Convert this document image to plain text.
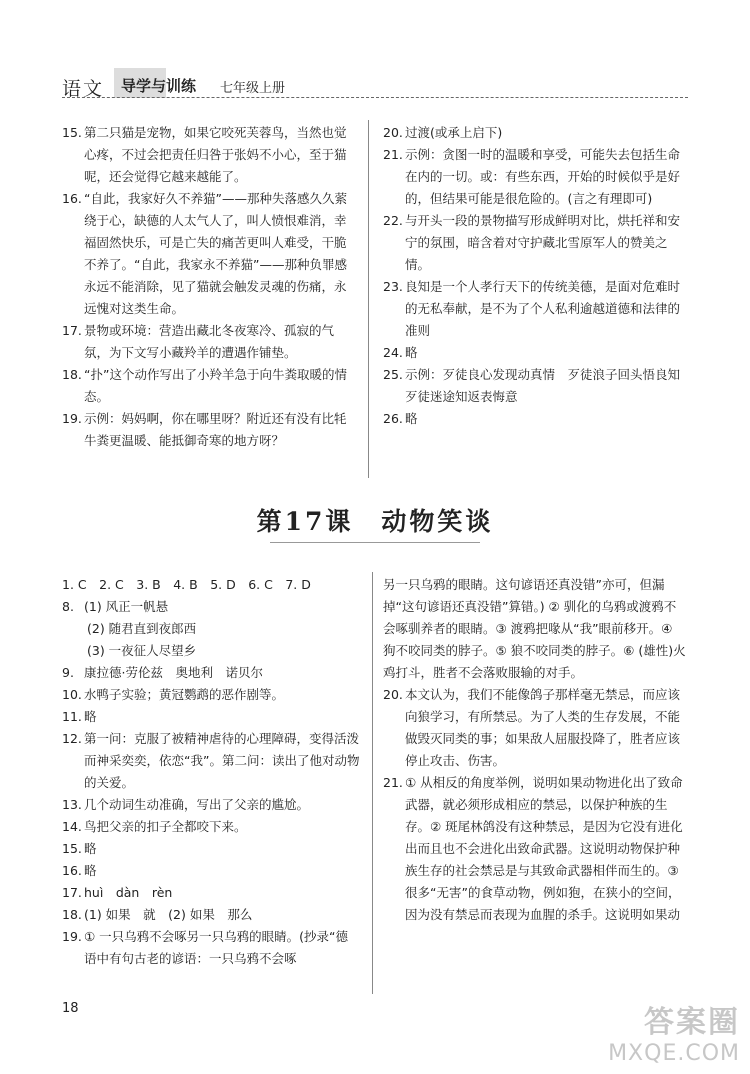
语文 导学与训练 七年级上册
15. 第二只猫是宠物，如果它咬死芙蓉鸟，当然也觉心疼，不过会把责任归咎于张妈不小心，至于猫呢，还会觉得它越来越能了。
16. “自此，我家好久不养猫”——那种失落感久久萦绕于心，缺德的人太气人了，叫人愤恨难消，幸福固然快乐，可是亡失的痛苦更叫人难受，干脆不养了。“自此，我家永不养猫”——那种负罪感永远不能消除，见了猫就会触发灵魂的伤痛，永远愧对这类生命。
17. 景物或环境：营造出藏北冬夜寒冷、孤寂的气氛，为下文写小藏羚羊的遭遇作铺垫。
18. “扑”这个动作写出了小羚羊急于向牛粪取暖的情态。
19. 示例：妈妈啊，你在哪里呀？附近还有没有比牦牛粪更温暖、能抵御奇寒的地方呀？
20. 过渡(或承上启下)
21. 示例：贪图一时的温暖和享受，可能失去包括生命在内的一切。或：有些东西，开始的时候似乎是好的，但结果可能是很危险的。(言之有理即可)
22. 与开头一段的景物描写形成鲜明对比，烘托祥和安宁的氛围，暗含着对守护藏北雪原军人的赞美之情。
23. 良知是一个人孝行天下的传统美德，是面对危难时的无私奉献，是不为了个人私利逾越道德和法律的准则
24. 略
25. 示例：歹徒良心发现动真情　歹徒浪子回头悟良知　歹徒迷途知返表悔意
26. 略
第17课　动物笑谈
1. C　2. C　3. B　4. B　5. D　6. C　7. D
8. (1) 风正一帆悬
　　(2) 随君直到夜郎西
　　(3) 一夜征人尽望乡
9. 康拉德·劳伦兹　奥地利　诺贝尔
10. 水鸭子实验；黄冠鹦鹉的恶作剧等。
11. 略
12. 第一问：克服了被精神虐待的心理障碍，变得活泼而神采奕奕，依恋“我”。第二问：读出了他对动物的关爱。
13. 几个动词生动准确，写出了父亲的尴尬。
14. 鸟把父亲的扣子全都咬下来。
15. 略
16. 略
17. huì　dàn　rèn
18. (1) 如果　就　(2) 如果　那么
19. ① 一只乌鸦不会啄另一只乌鸦的眼睛。(抄录“德语中有句古老的谚语：一只乌鸦不会啄
另一只乌鸦的眼睛。这句谚语还真没错”亦可，但漏掉“这句谚语还真没错”算错。) ② 驯化的乌鸦或渡鸦不会啄驯养者的眼睛。③ 渡鸦把喙从“我”眼前移开。④ 狗不咬同类的脖子。⑤ 狼不咬同类的脖子。⑥ (雄性)火鸡打斗，胜者不会落败服输的对手。
20. 本文认为，我们不能像鸽子那样毫无禁忌，而应该向狼学习，有所禁忌。为了人类的生存发展，不能做毁灭同类的事；如果敌人屈服投降了，胜者应该停止攻击、伤害。
21. ① 从相反的角度举例，说明如果动物进化出了致命武器，就必须形成相应的禁忌，以保护种族的生存。② 斑尾林鸽没有这种禁忌，是因为它没有进化出而且也不会进化出致命武器。这说明动物保护种族生存的社会禁忌是与其致命武器相伴而生的。③ 很多“无害”的食草动物，例如狍，在狭小的空间，因为没有禁忌而表现为血腥的杀手。这说明如果动
18	答案圈
MXQE.COM
